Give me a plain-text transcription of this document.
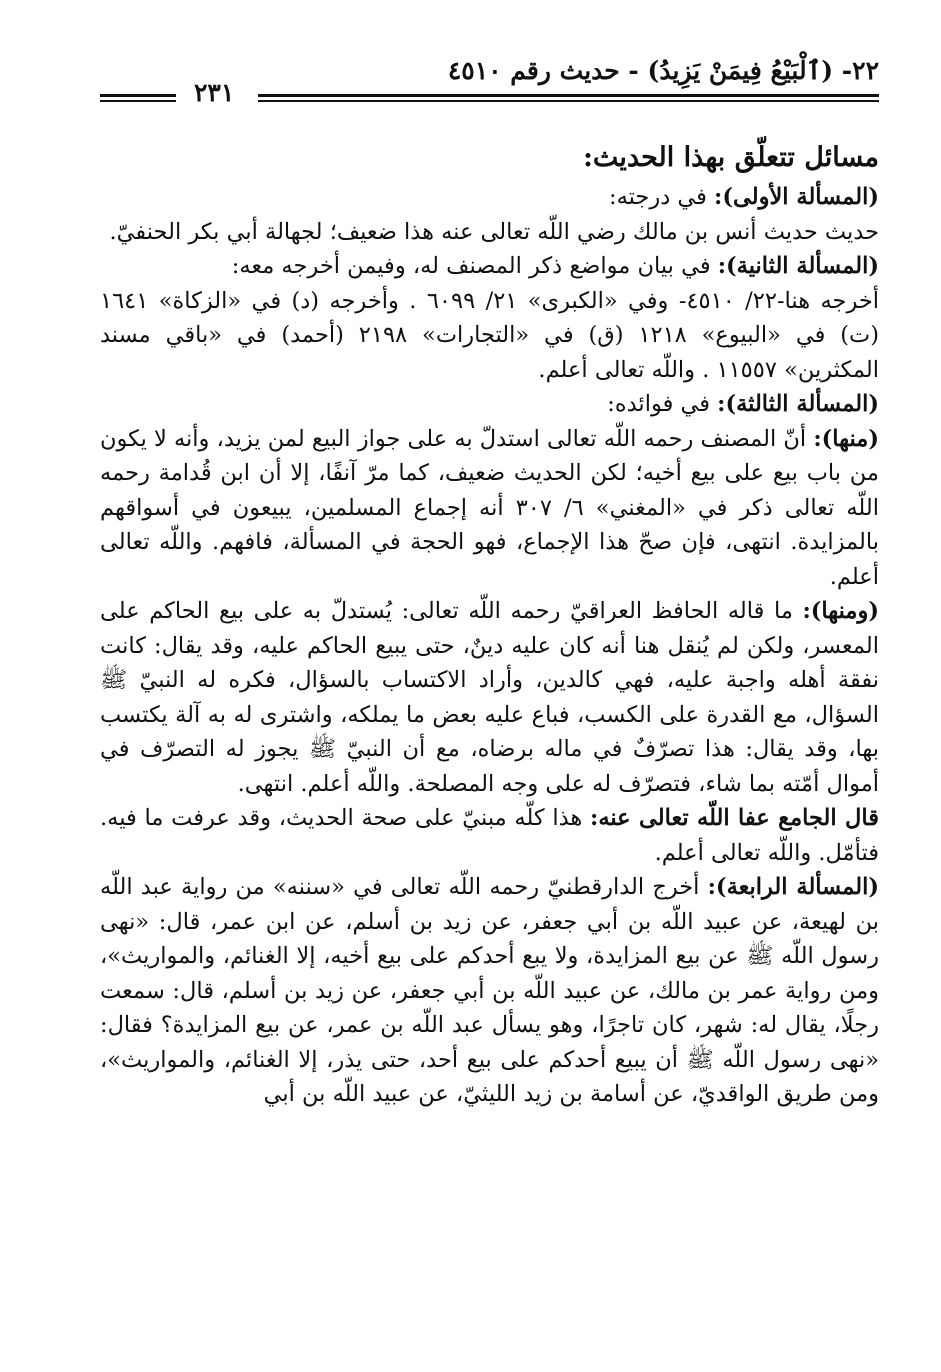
٢٢- (ٱلْبَيْعُ فِيمَنْ يَزِيدُ) - حديث رقم ٤٥١٠
٢٣١
مسائل تتعلّق بهذا الحديث:

(المسألة الأولى): في درجته:

حديث حديث أنس بن مالك رضي اللّه تعالى عنه هذا ضعيف؛ لجهالة أبي بكر الحنفيّ.

(المسألة الثانية): في بيان مواضع ذكر المصنف له، وفيمن أخرجه معه:

أخرجه هنا-٢٢/ ٤٥١٠- وفي «الكبرى» ٢١/ ٦٠٩٩ . وأخرجه (د) في «الزكاة» ١٦٤١ (ت) في «البيوع» ١٢١٨ (ق) في «التجارات» ٢١٩٨ (أحمد) في «باقي مسند المكثرين» ١١٥٥٧ . واللّه تعالى أعلم.

(المسألة الثالثة): في فوائده:

(منها): أنّ المصنف رحمه اللّه تعالى استدلّ به على جواز البيع لمن يزيد، وأنه لا يكون من باب بيع على بيع أخيه؛ لكن الحديث ضعيف، كما مرّ آنفًا، إلا أن ابن قُدامة رحمه اللّه تعالى ذكر في «المغني» ٦/ ٣٠٧ أنه إجماع المسلمين، يبيعون في أسواقهم بالمزايدة. انتهى، فإن صحّ هذا الإجماع، فهو الحجة في المسألة، فافهم. واللّه تعالى أعلم.

(ومنها): ما قاله الحافظ العراقيّ رحمه اللّه تعالى: يُستدلّ به على بيع الحاكم على المعسر، ولكن لم يُنقل هنا أنه كان عليه دينٌ، حتى يبيع الحاكم عليه، وقد يقال: كانت نفقة أهله واجبة عليه، فهي كالدين، وأراد الاكتساب بالسؤال، فكره له النبيّ ﷺ السؤال، مع القدرة على الكسب، فباع عليه بعض ما يملكه، واشترى له به آلة يكتسب بها، وقد يقال: هذا تصرّفٌ في ماله برضاه، مع أن النبيّ ﷺ يجوز له التصرّف في أموال أمّته بما شاء، فتصرّف له على وجه المصلحة. واللّه أعلم. انتهى.

قال الجامع عفا اللّه تعالى عنه: هذا كلّه مبنيّ على صحة الحديث، وقد عرفت ما فيه. فتأمّل. واللّه تعالى أعلم.

(المسألة الرابعة): أخرج الدارقطنيّ رحمه اللّه تعالى في «سننه» من رواية عبد اللّه بن لهيعة، عن عبيد اللّه بن أبي جعفر، عن زيد بن أسلم، عن ابن عمر، قال: «نهى رسول اللّه ﷺ عن بيع المزايدة، ولا يبع أحدكم على بيع أخيه، إلا الغنائم، والمواريث»، ومن رواية عمر بن مالك، عن عبيد اللّه بن أبي جعفر، عن زيد بن أسلم، قال: سمعت رجلًا، يقال له: شهر، كان تاجرًا، وهو يسأل عبد اللّه بن عمر، عن بيع المزايدة؟ فقال: «نهى رسول اللّه ﷺ أن يبيع أحدكم على بيع أحد، حتى يذر، إلا الغنائم، والمواريث»، ومن طريق الواقديّ، عن أسامة بن زيد الليثيّ، عن عبيد اللّه بن أبي
